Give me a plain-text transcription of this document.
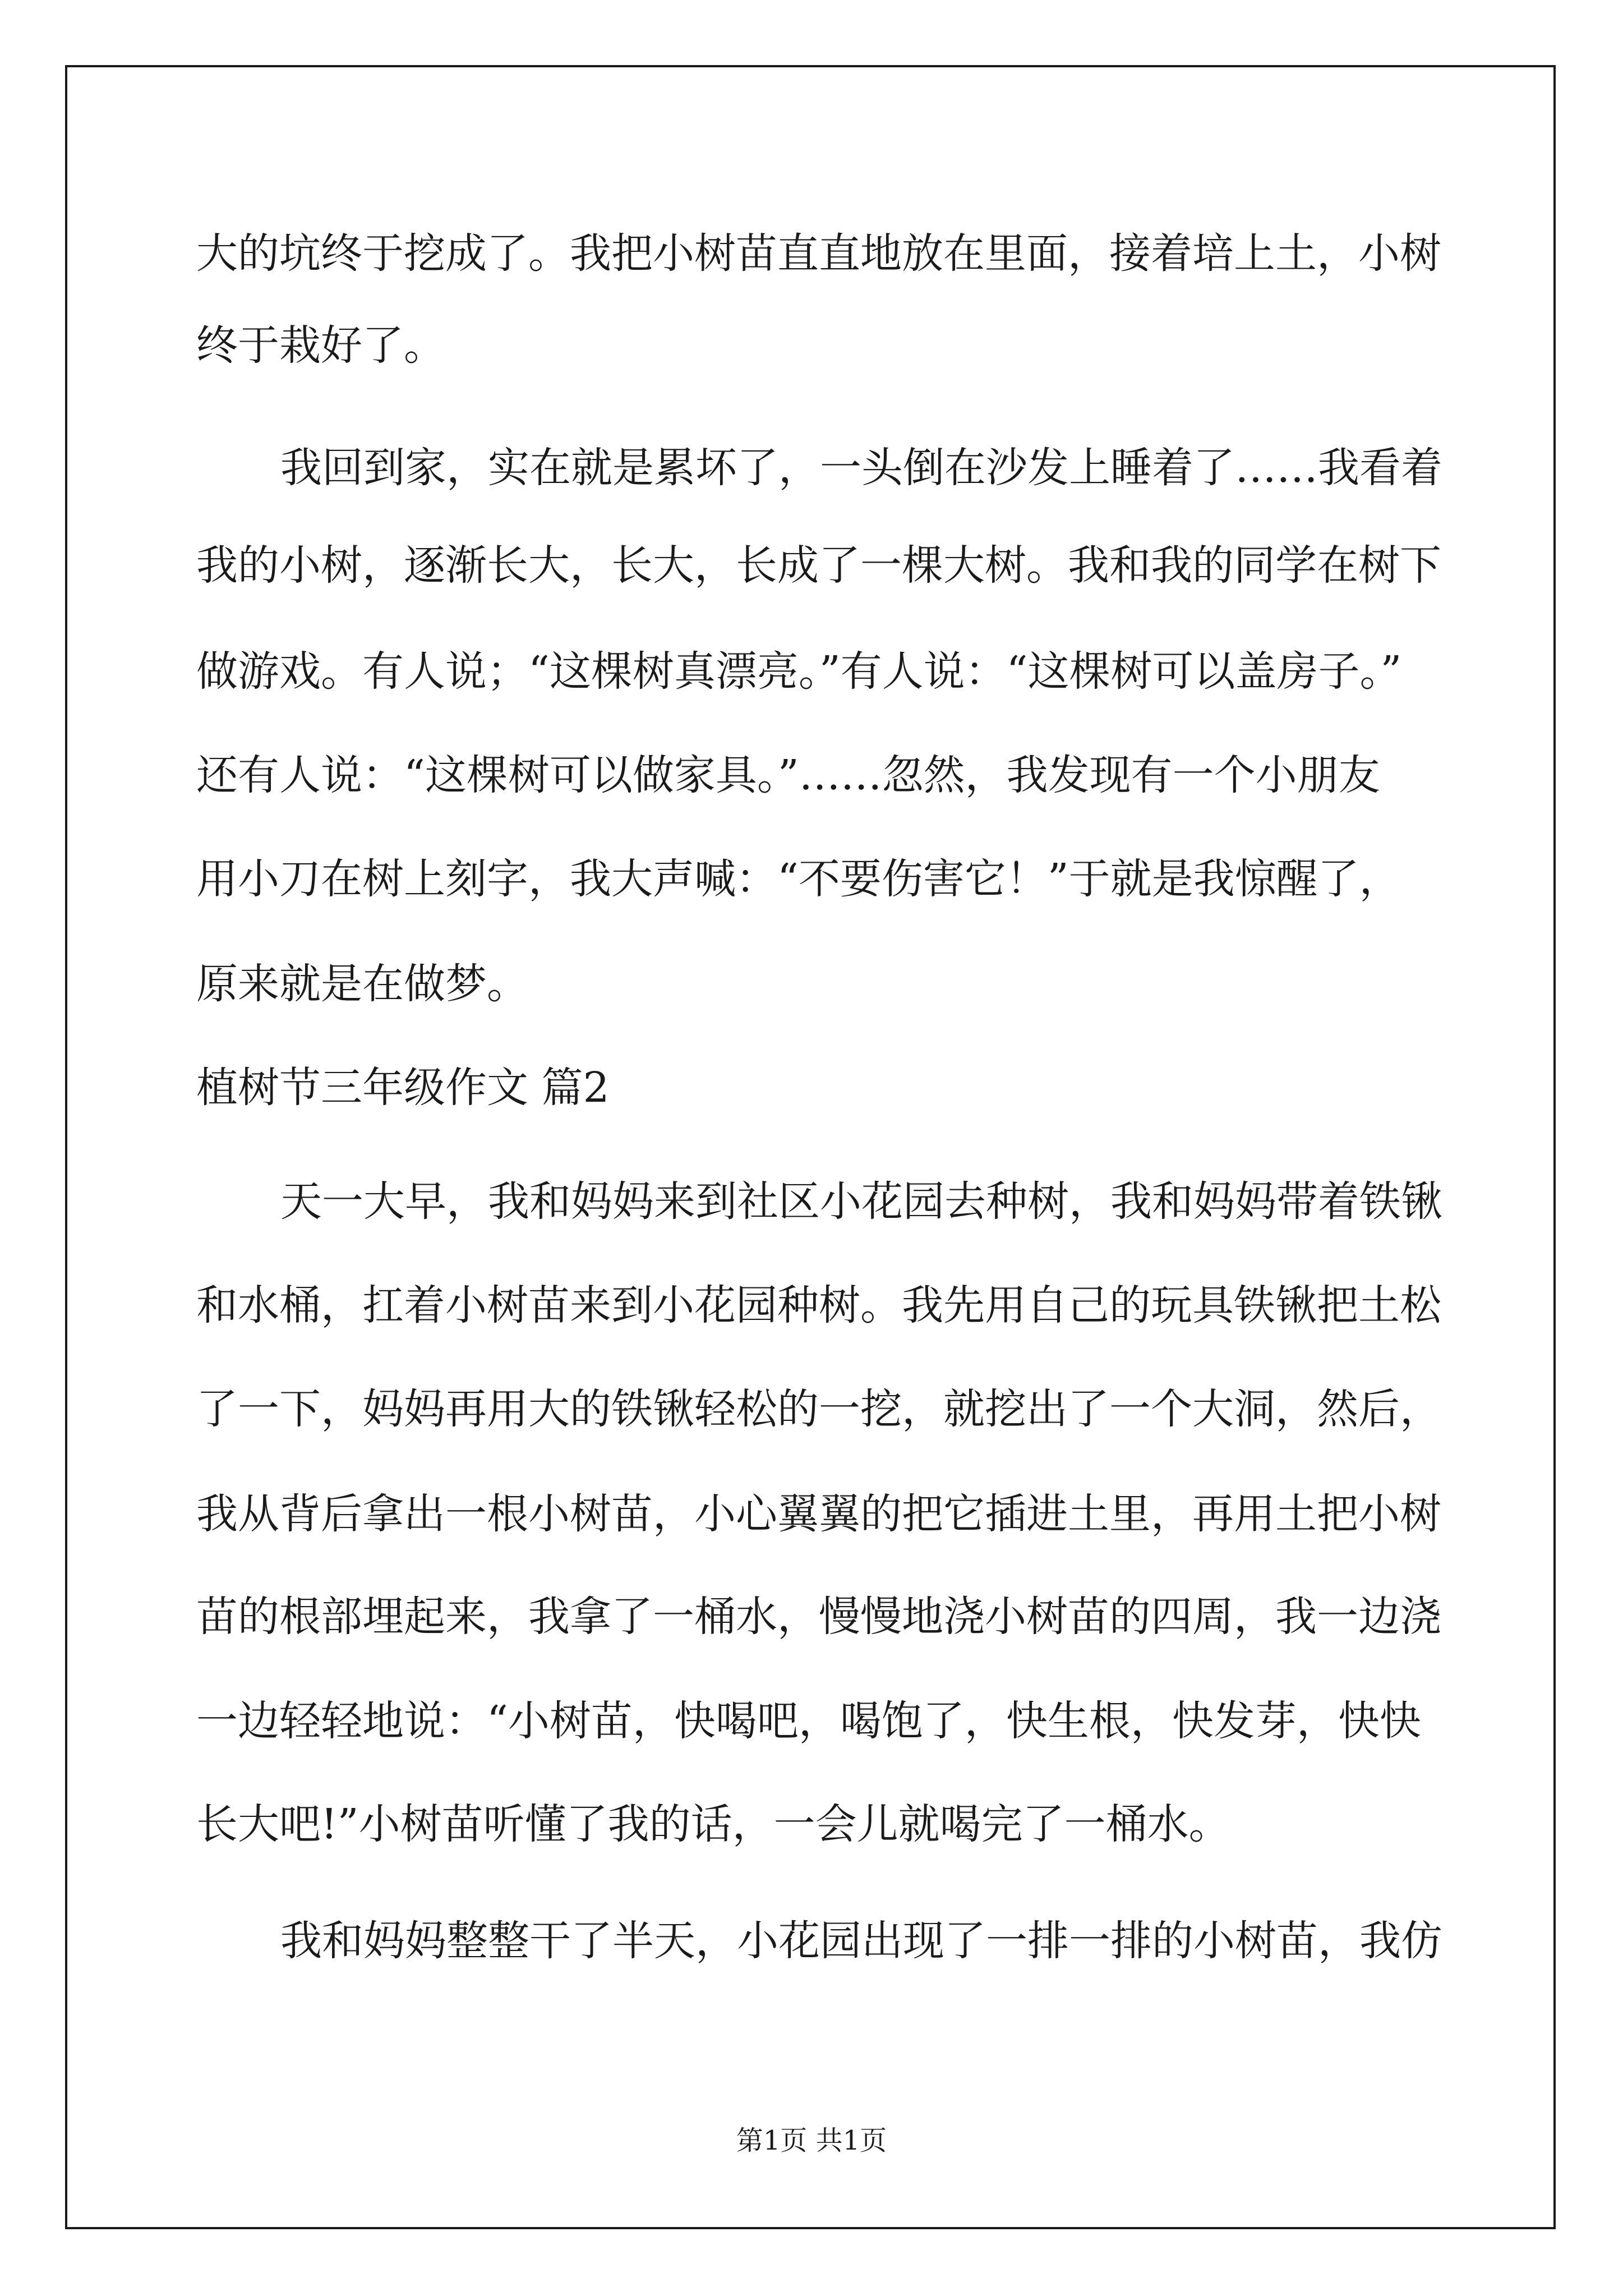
大的坑终于挖成了。我把小树苗直直地放在里面，接着培上土，小树
终于栽好了。
我回到家，实在就是累坏了，一头倒在沙发上睡着了……我看着
我的小树，逐渐长大，长大，长成了一棵大树。我和我的同学在树下
做游戏。有人说；“这棵树真漂亮。”有人说：“这棵树可以盖房子。”
还有人说：“这棵树可以做家具。”……忽然，我发现有一个小朋友
用小刀在树上刻字，我大声喊：“不要伤害它！”于就是我惊醒了，
原来就是在做梦。
植树节三年级作文 篇2
天一大早，我和妈妈来到社区小花园去种树，我和妈妈带着铁锹
和水桶，扛着小树苗来到小花园种树。我先用自己的玩具铁锹把土松
了一下，妈妈再用大的铁锹轻松的一挖，就挖出了一个大洞，然后，
我从背后拿出一根小树苗，小心翼翼的把它插进土里，再用土把小树
苗的根部埋起来，我拿了一桶水，慢慢地浇小树苗的四周，我一边浇
一边轻轻地说：“小树苗，快喝吧，喝饱了，快生根，快发芽，快快
长大吧!”小树苗听懂了我的话，一会儿就喝完了一桶水。
我和妈妈整整干了半天，小花园出现了一排一排的小树苗，我仿
第1页 共1页
